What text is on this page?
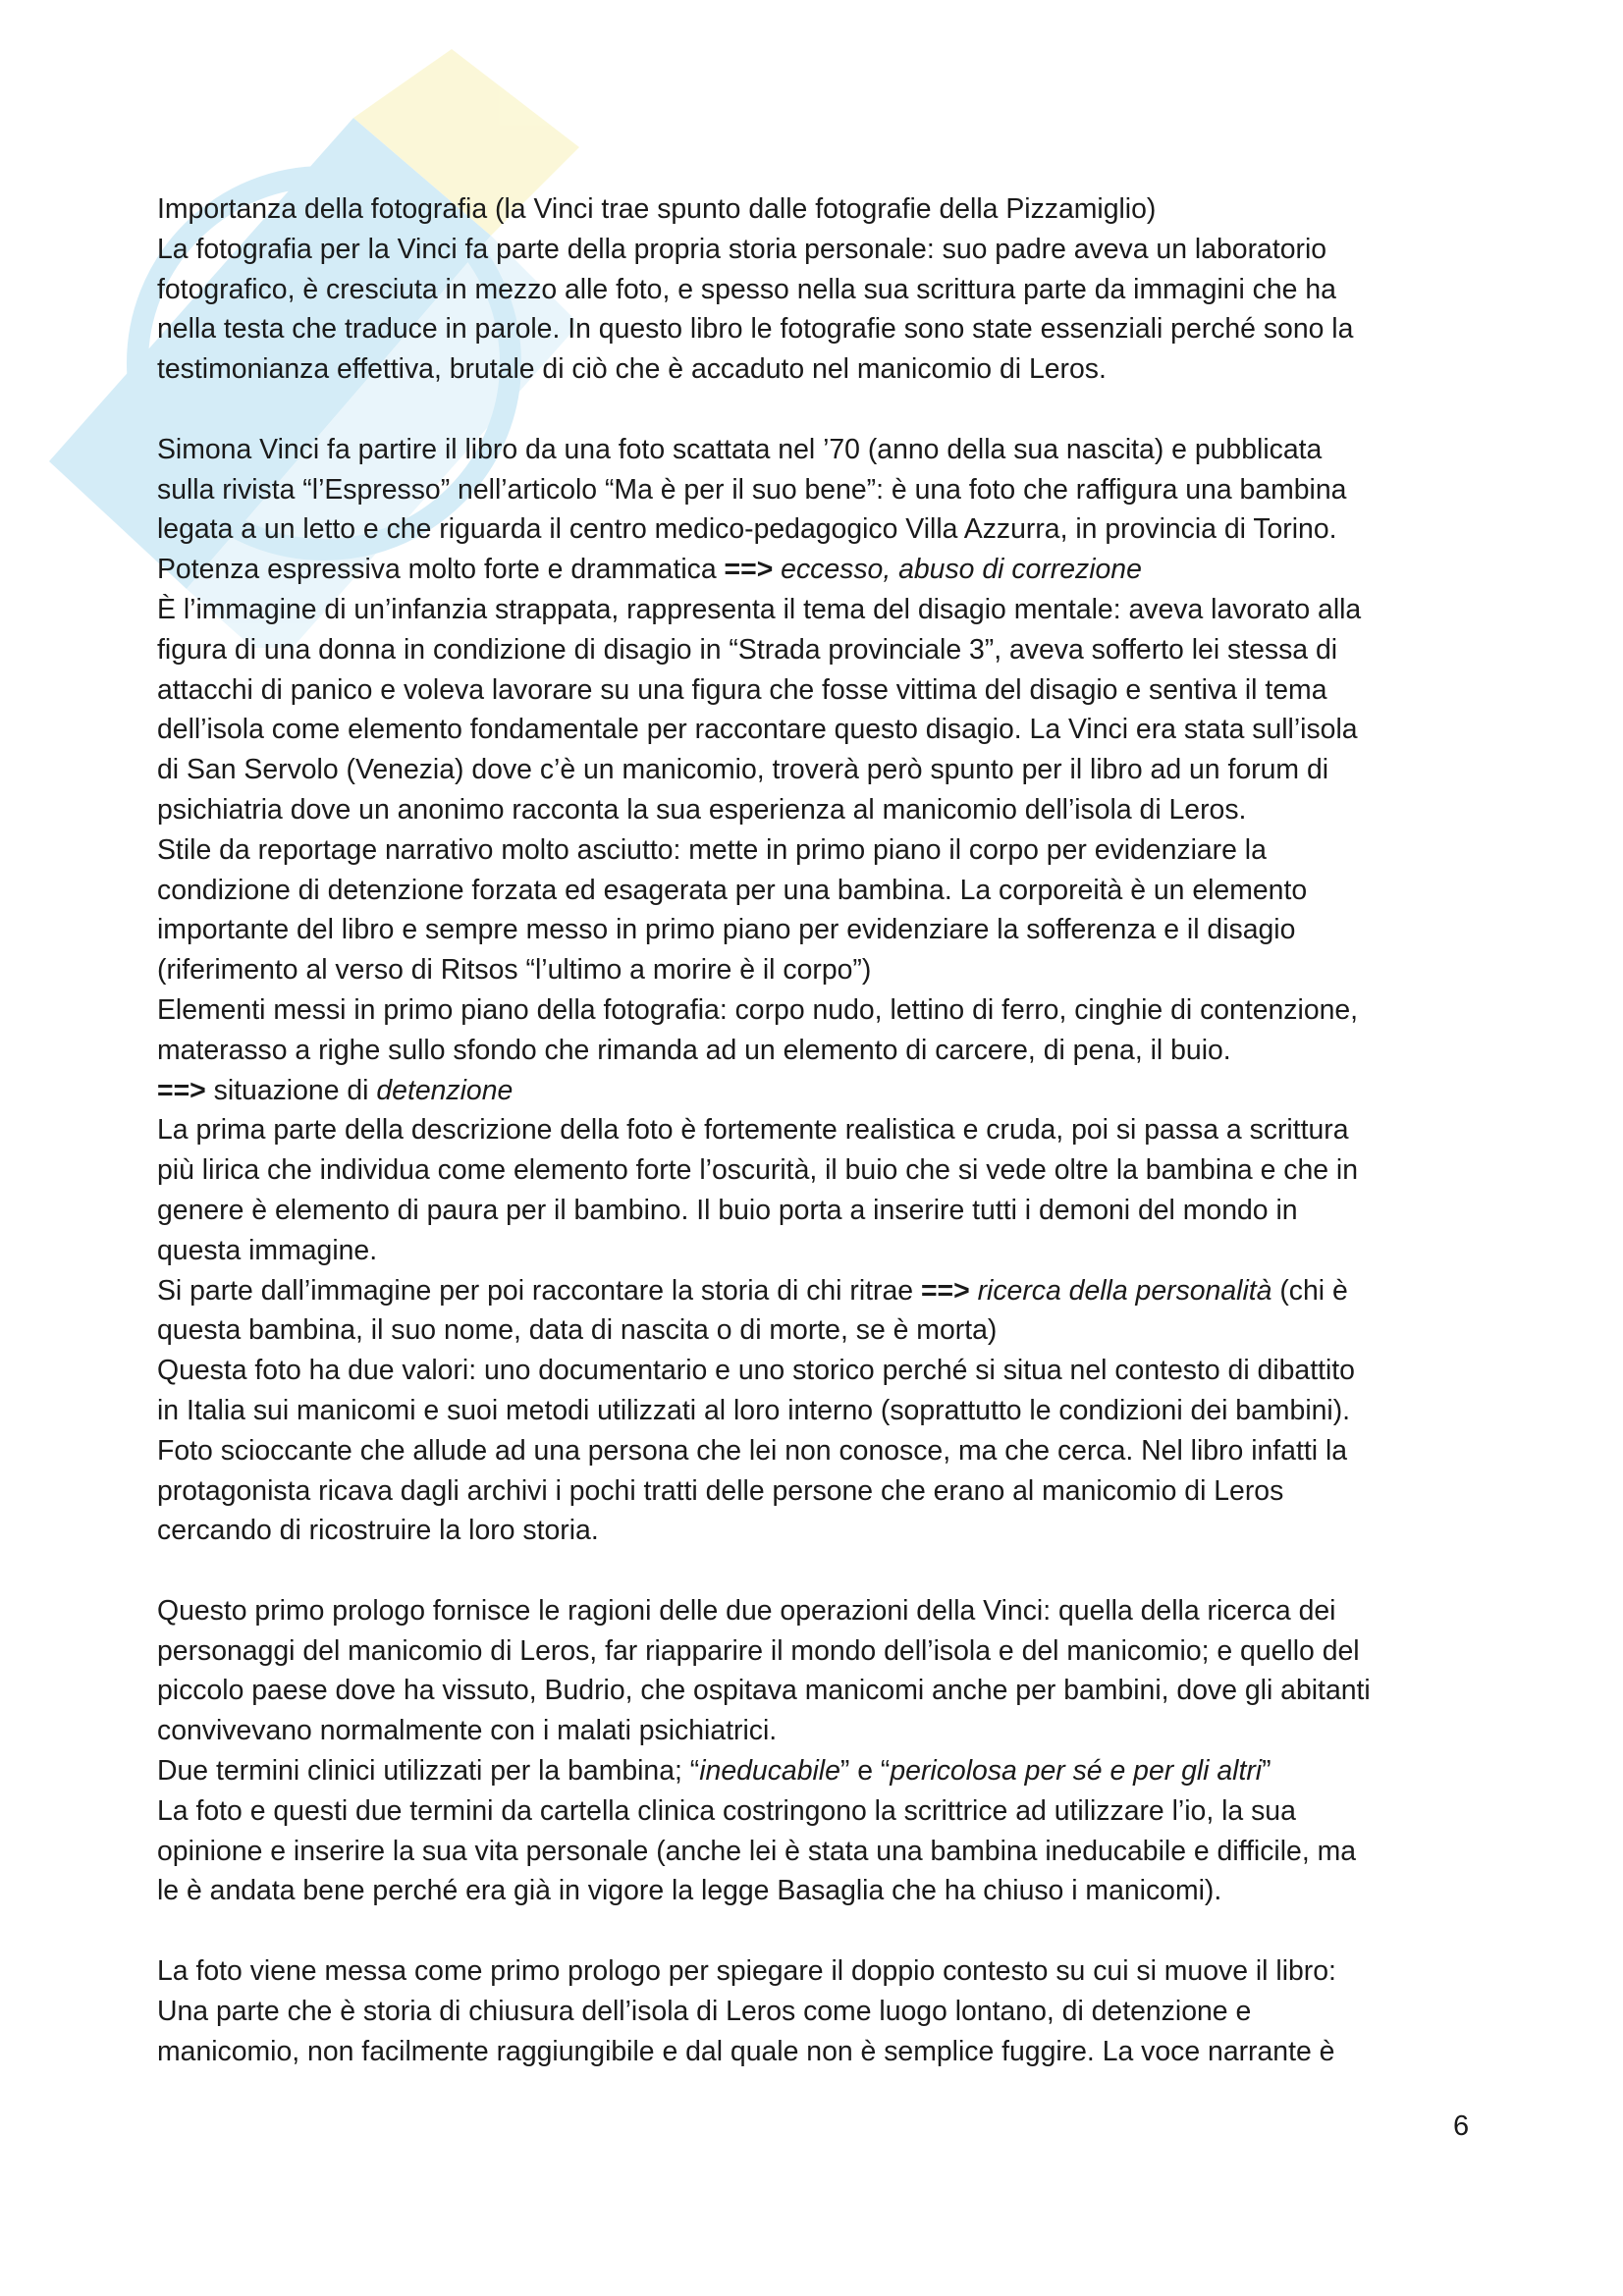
Importanza della fotografia (la Vinci trae spunto dalle fotografie della Pizzamiglio)
La fotografia per la Vinci fa parte della propria storia personale: suo padre aveva un laboratorio
fotografico, è cresciuta in mezzo alle foto, e spesso nella sua scrittura parte da immagini che ha
nella testa che traduce in parole. In questo libro le fotografie sono state essenziali perché sono la
testimonianza effettiva, brutale di ciò che è accaduto nel manicomio di Leros.
Simona Vinci fa partire il libro da una foto scattata nel ’70 (anno della sua nascita) e pubblicata
sulla rivista “l’Espresso” nell’articolo “Ma è per il suo bene”: è una foto che raffigura una bambina
legata a un letto e che riguarda il centro medico-pedagogico Villa Azzurra, in provincia di Torino.
Potenza espressiva molto forte e drammatica ==> eccesso, abuso di correzione
È l’immagine di un’infanzia strappata, rappresenta il tema del disagio mentale: aveva lavorato alla
figura di una donna in condizione di disagio in “Strada provinciale 3”, aveva sofferto lei stessa di
attacchi di panico e voleva lavorare su una figura che fosse vittima del disagio e sentiva il tema
dell’isola come elemento fondamentale per raccontare questo disagio. La Vinci era stata sull’isola
di San Servolo (Venezia) dove c’è un manicomio, troverà però spunto per il libro ad un forum di
psichiatria dove un anonimo racconta la sua esperienza al manicomio dell’isola di Leros.
Stile da reportage narrativo molto asciutto: mette in primo piano il corpo per evidenziare la
condizione di detenzione forzata ed esagerata per una bambina. La corporeità è un elemento
importante del libro e sempre messo in primo piano per evidenziare la sofferenza e il disagio
(riferimento al verso di Ritsos “l’ultimo a morire è il corpo”)
Elementi messi in primo piano della fotografia: corpo nudo, lettino di ferro, cinghie di contenzione,
materasso a righe sullo sfondo che rimanda ad un elemento di carcere, di pena, il buio.
==> situazione di detenzione
La prima parte della descrizione della foto è fortemente realistica e cruda, poi si passa a scrittura
più lirica che individua come elemento forte l’oscurità, il buio che si vede oltre la bambina e che in
genere è elemento di paura per il bambino. Il buio porta a inserire tutti i demoni del mondo in
questa immagine.
Si parte dall’immagine per poi raccontare la storia di chi ritrae ==> ricerca della personalità (chi è
questa bambina, il suo nome, data di nascita o di morte, se è morta)
Questa foto ha due valori: uno documentario e uno storico perché si situa nel contesto di dibattito
in Italia sui manicomi e suoi metodi utilizzati al loro interno (soprattutto le condizioni dei bambini).
Foto scioccante che allude ad una persona che lei non conosce, ma che cerca. Nel libro infatti la
protagonista ricava dagli archivi i pochi tratti delle persone che erano al manicomio di Leros
cercando di ricostruire la loro storia.
Questo primo prologo fornisce le ragioni delle due operazioni della Vinci: quella della ricerca dei
personaggi del manicomio di Leros, far riapparire il mondo dell’isola e del manicomio; e quello del
piccolo paese dove ha vissuto, Budrio, che ospitava manicomi anche per bambini, dove gli abitanti
convivevano normalmente con i malati psichiatrici.
Due termini clinici utilizzati per la bambina; “ineducabile” e “pericolosa per sé e per gli altri”
La foto e questi due termini da cartella clinica costringono la scrittrice ad utilizzare l’io, la sua
opinione e inserire la sua vita personale (anche lei è stata una bambina ineducabile e difficile, ma
le è andata bene perché era già in vigore la legge Basaglia che ha chiuso i manicomi).
La foto viene messa come primo prologo per spiegare il doppio contesto su cui si muove il libro:
Una parte che è storia di chiusura dell’isola di Leros come luogo lontano, di detenzione e
manicomio, non facilmente raggiungibile e dal quale non è semplice fuggire. La voce narrante è
6
